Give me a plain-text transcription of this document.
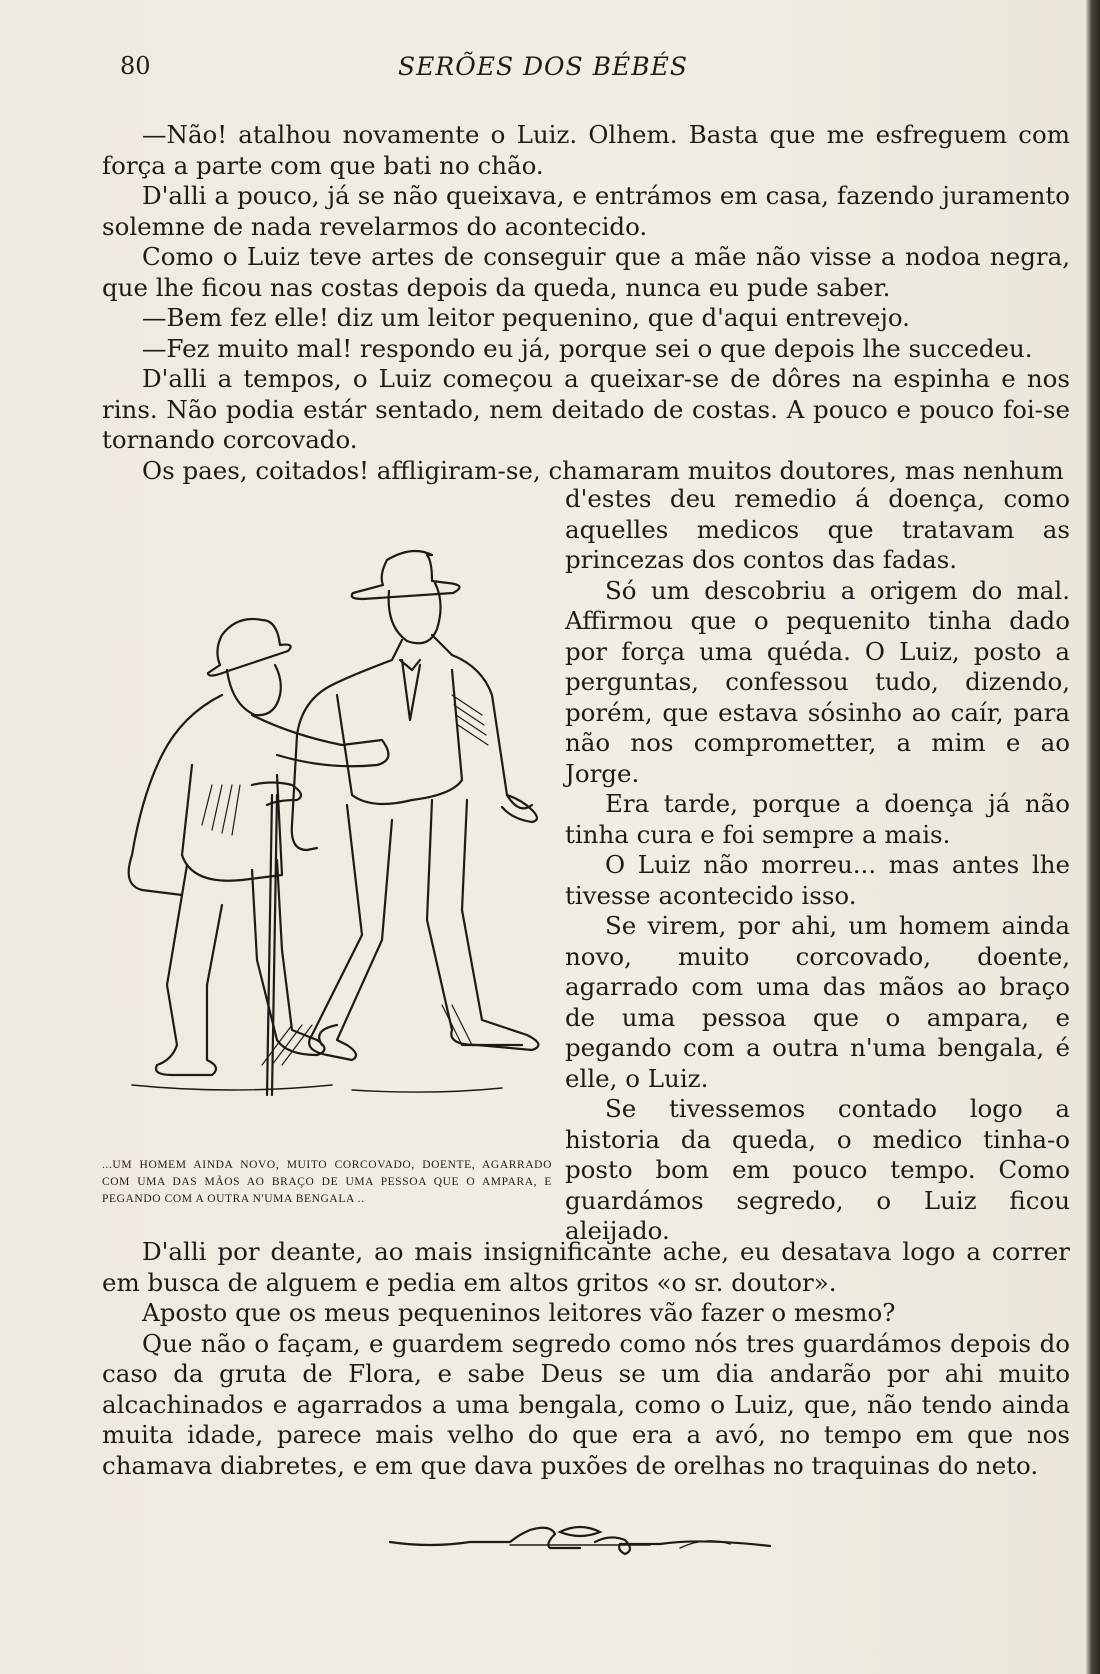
80	SERÕES DOS BÉBÉS

—Não! atalhou novamente o Luiz. Olhem. Basta que me esfreguem com força a parte com que bati no chão.

D'alli a pouco, já se não queixava, e entrámos em casa, fazendo juramento solemne de nada revelarmos do acontecido.

Como o Luiz teve artes de conseguir que a mãe não visse a nodoa negra, que lhe ficou nas costas depois da queda, nunca eu pude saber.

—Bem fez elle! diz um leitor pequenino, que d'aqui entrevejo.

—Fez muito mal! respondo eu já, porque sei o que depois lhe succedeu.

D'alli a tempos, o Luiz começou a queixar-se de dôres na espinha e nos rins. Não podia estár sentado, nem deitado de costas. A pouco e pouco foi-se tornando corcovado.

Os paes, coitados! affligiram-se, chamaram muitos doutores, mas nenhum

...UM HOMEM AINDA NOVO, MUITO CORCOVADO, DOENTE, AGARRADO COM UMA DAS MÃOS AO BRAÇO DE UMA PESSOA QUE O AMPARA, E PEGANDO COM A OUTRA N'UMA BENGALA ..

d'estes deu remedio á doença, como aquelles medicos que tratavam as princezas dos contos das fadas.

Só um descobriu a origem do mal. Affirmou que o pequenito tinha dado por força uma quéda. O Luiz, posto a perguntas, confessou tudo, dizendo, porém, que estava sósinho ao caír, para não nos comprometter, a mim e ao Jorge.

Era tarde, porque a doença já não tinha cura e foi sempre a mais.

O Luiz não morreu... mas antes lhe tivesse acontecido isso.

Se virem, por ahi, um homem ainda novo, muito corcovado, doente, agarrado com uma das mãos ao braço de uma pessoa que o ampara, e pegando com a outra n'uma bengala, é elle, o Luiz.

Se tivessemos contado logo a historia da queda, o medico tinha-o posto bom em pouco tempo. Como guardámos segredo, o Luiz ficou aleijado.

D'alli por deante, ao mais insignificante ache, eu desatava logo a correr em busca de alguem e pedia em altos gritos «o sr. doutor».

Aposto que os meus pequeninos leitores vão fazer o mesmo?

Que não o façam, e guardem segredo como nós tres guardámos depois do caso da gruta de Flora, e sabe Deus se um dia andarão por ahi muito alcachinados e agarrados a uma bengala, como o Luiz, que, não tendo ainda muita idade, parece mais velho do que era a avó, no tempo em que nos chamava diabretes, e em que dava puxões de orelhas no traquinas do neto.
